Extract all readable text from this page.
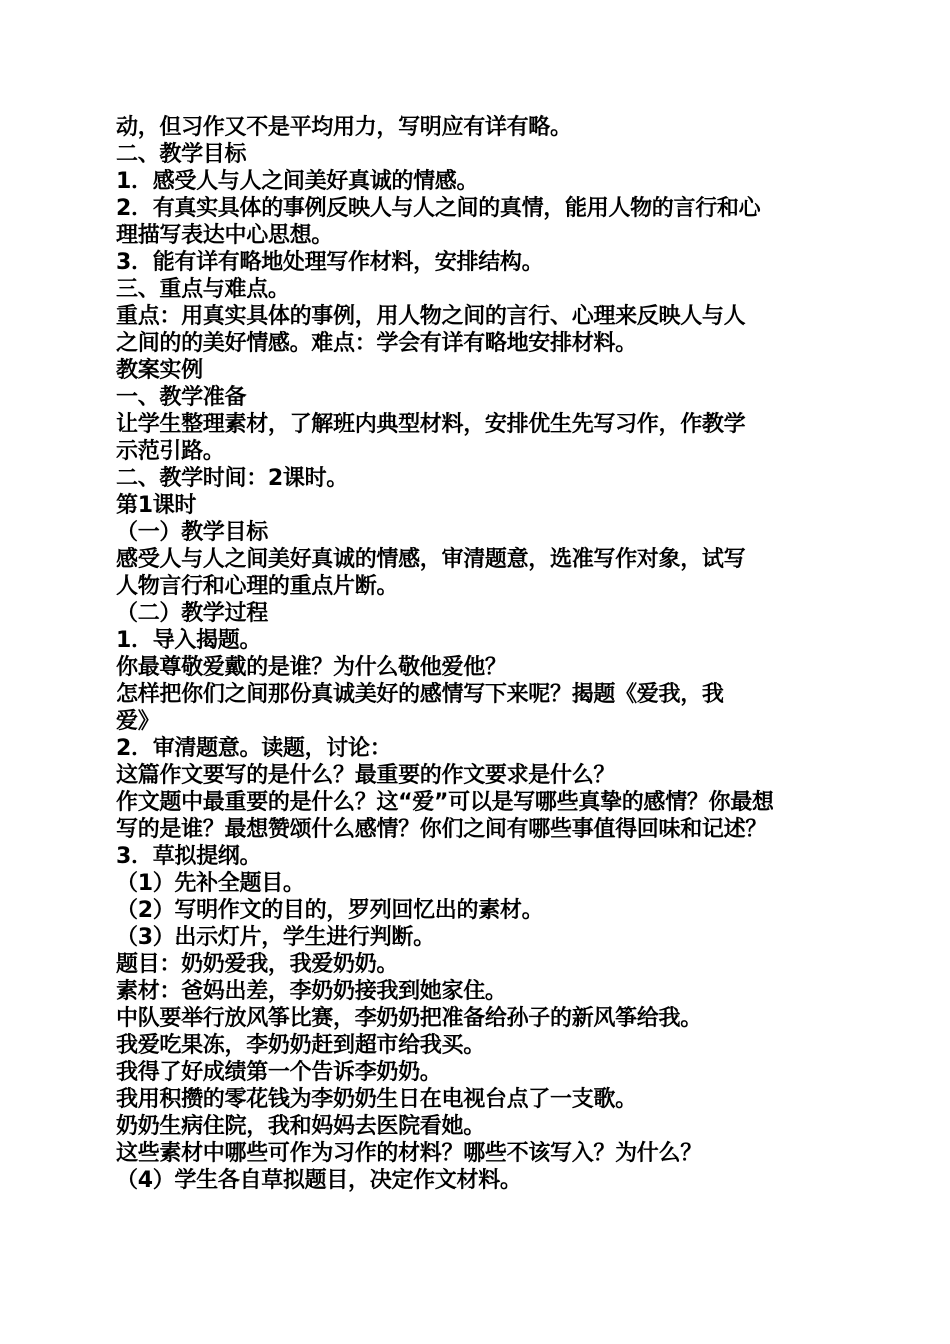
动，但习作又不是平均用力，写明应有详有略。

二、教学目标

1．感受人与人之间美好真诚的情感。

2．有真实具体的事例反映人与人之间的真情，能用人物的言行和心

理描写表达中心思想。

3．能有详有略地处理写作材料，安排结构。

三、重点与难点。

重点：用真实具体的事例，用人物之间的言行、心理来反映人与人

之间的的美好情感。难点：学会有详有略地安排材料。

教案实例

一、教学准备

让学生整理素材，了解班内典型材料，安排优生先写习作，作教学

示范引路。

二、教学时间：2课时。

第1课时

（一）教学目标

感受人与人之间美好真诚的情感，审清题意，选准写作对象，试写

人物言行和心理的重点片断。

（二）教学过程

1．导入揭题。

你最尊敬爱戴的是谁？为什么敬他爱他？

怎样把你们之间那份真诚美好的感情写下来呢？揭题《爱我，我

爱》

2．审清题意。读题，讨论：

这篇作文要写的是什么？最重要的作文要求是什么？

作文题中最重要的是什么？这“爱”可以是写哪些真挚的感情？你最想

写的是谁？最想赞颂什么感情？你们之间有哪些事值得回味和记述？

3．草拟提纲。

（1）先补全题目。

（2）写明作文的目的，罗列回忆出的素材。

（3）出示灯片，学生进行判断。

题目：奶奶爱我，我爱奶奶。

素材：爸妈出差，李奶奶接我到她家住。

中队要举行放风筝比赛，李奶奶把准备给孙子的新风筝给我。

我爱吃果冻，李奶奶赶到超市给我买。

我得了好成绩第一个告诉李奶奶。

我用积攒的零花钱为李奶奶生日在电视台点了一支歌。

奶奶生病住院，我和妈妈去医院看她。

这些素材中哪些可作为习作的材料？哪些不该写入？为什么？

（4）学生各自草拟题目，决定作文材料。
